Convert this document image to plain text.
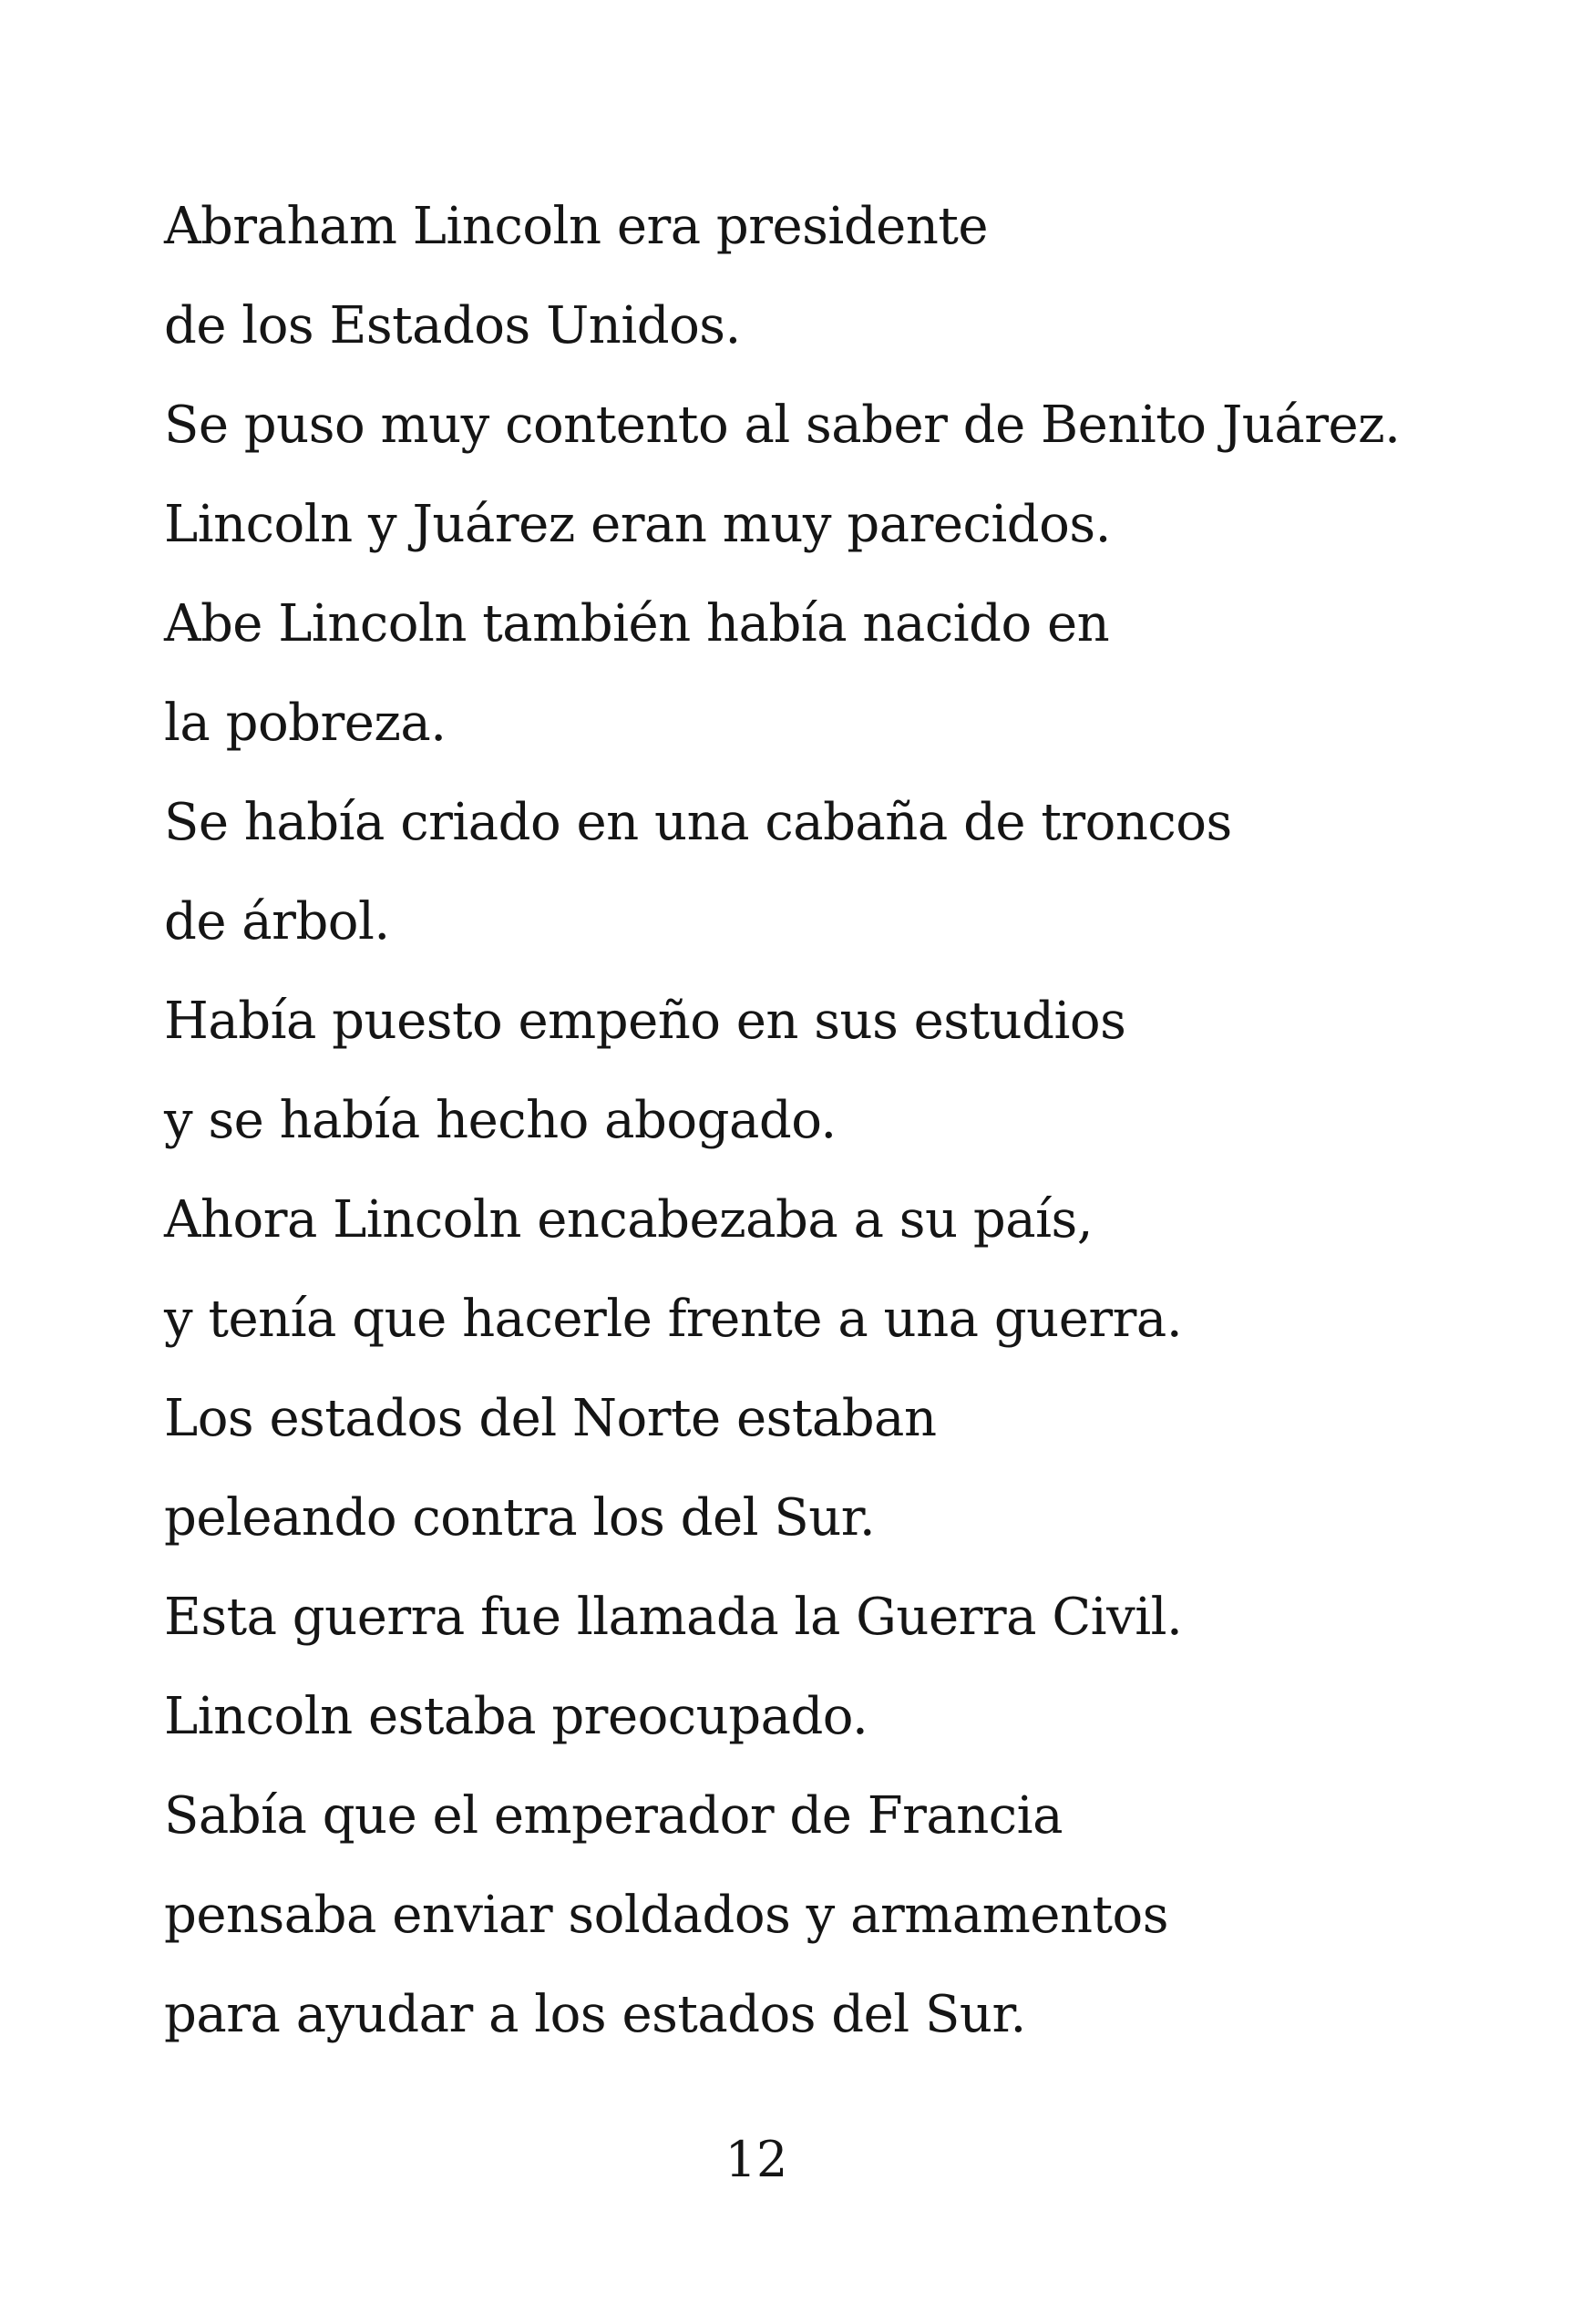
Abraham Lincoln era presidente
de los Estados Unidos.
Se puso muy contento al saber de Benito Juárez.
Lincoln y Juárez eran muy parecidos.
Abe Lincoln también había nacido en
la pobreza.
Se había criado en una cabaña de troncos
de árbol.
Había puesto empeño en sus estudios
y se había hecho abogado.
Ahora Lincoln encabezaba a su país,
y tenía que hacerle frente a una guerra.
Los estados del Norte estaban
peleando contra los del Sur.
Esta guerra fue llamada la Guerra Civil.
Lincoln estaba preocupado.
Sabía que el emperador de Francia
pensaba enviar soldados y armamentos
para ayudar a los estados del Sur.
12
